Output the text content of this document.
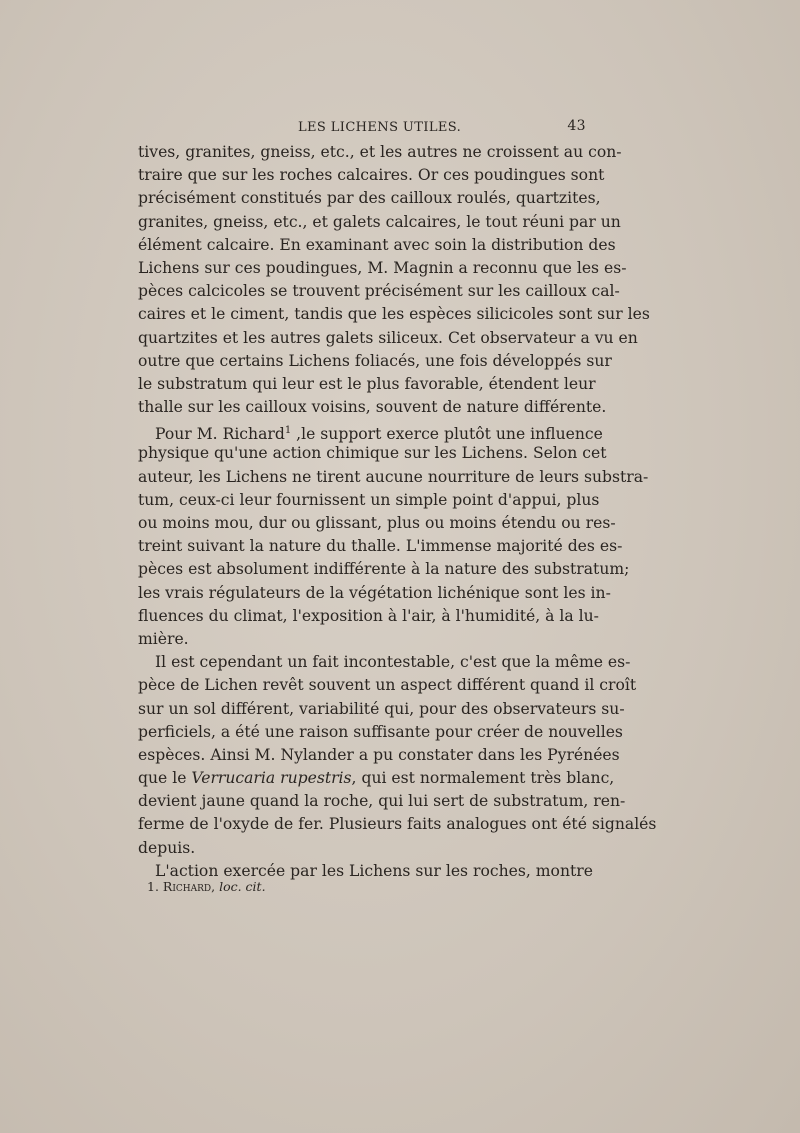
LES LICHENS UTILES.	43
tives, granites, gneiss, etc., et les autres ne croissent au con-
traire que sur les roches calcaires. Or ces poudingues sont
précisément constitués par des cailloux roulés, quartzites,
granites, gneiss, etc., et galets calcaires, le tout réuni par un
élément calcaire. En examinant avec soin la distribution des
Lichens sur ces poudingues, M. Magnin a reconnu que les es-
pèces calcicoles se trouvent précisément sur les cailloux cal-
caires et le ciment, tandis que les espèces silicicoles sont sur les
quartzites et les autres galets siliceux. Cet observateur a vu en
outre que certains Lichens foliacés, une fois développés sur
le substratum qui leur est le plus favorable, étendent leur
thalle sur les cailloux voisins, souvent de nature différente.
Pour M. Richard$^1$ ,le support exerce plutôt une influence
physique qu'une action chimique sur les Lichens. Selon cet
auteur, les Lichens ne tirent aucune nourriture de leurs substra-
tum, ceux-ci leur fournissent un simple point d'appui, plus
ou moins mou, dur ou glissant, plus ou moins étendu ou res-
treint suivant la nature du thalle. L'immense majorité des es-
pèces est absolument indifférente à la nature des substratum;
les vrais régulateurs de la végétation lichénique sont les in-
fluences du climat, l'exposition à l'air, à l'humidité, à la lu-
mière.
Il est cependant un fait incontestable, c'est que la même es-
pèce de Lichen revêt souvent un aspect différent quand il croît
sur un sol différent, variabilité qui, pour des observateurs su-
perficiels, a été une raison suffisante pour créer de nouvelles
espèces. Ainsi M. Nylander a pu constater dans les Pyrénées
que le Verrucaria rupestris, qui est normalement très blanc,
devient jaune quand la roche, qui lui sert de substratum, ren-
ferme de l'oxyde de fer. Plusieurs faits analogues ont été signalés
depuis.
L'action exercée par les Lichens sur les roches, montre
1. Richard, loc. cit.
